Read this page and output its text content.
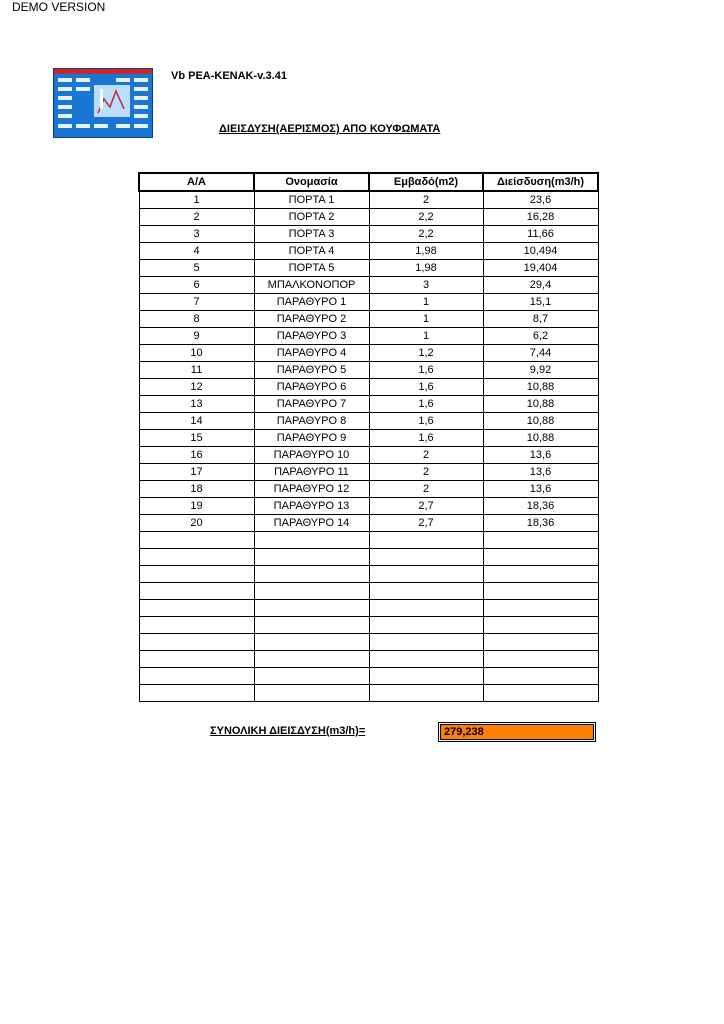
DEMO VERSION
Vb PEA-KENAK-v.3.41
ΔΙΕΙΣΔΥΣΗ(ΑΕΡΙΣΜΟΣ) ΑΠΟ ΚΟΥΦΩΜΑΤΑ
Α/Α	Ονομασία	Εμβαδό(m2)	Διείσδυση(m3/h)
1	ΠΟΡΤΑ 1	2	23,6
2	ΠΟΡΤΑ 2	2,2	16,28
3	ΠΟΡΤΑ 3	2,2	11,66
4	ΠΟΡΤΑ 4	1,98	10,494
5	ΠΟΡΤΑ 5	1,98	19,404
6	ΜΠΑΛΚΟΝΟΠΟΡ	3	29,4
7	ΠΑΡΑΘΥΡΟ 1	1	15,1
8	ΠΑΡΑΘΥΡΟ 2	1	8,7
9	ΠΑΡΑΘΥΡΟ 3	1	6,2
10	ΠΑΡΑΘΥΡΟ 4	1,2	7,44
11	ΠΑΡΑΘΥΡΟ 5	1,6	9,92
12	ΠΑΡΑΘΥΡΟ 6	1,6	10,88
13	ΠΑΡΑΘΥΡΟ 7	1,6	10,88
14	ΠΑΡΑΘΥΡΟ 8	1,6	10,88
15	ΠΑΡΑΘΥΡΟ 9	1,6	10,88
16	ΠΑΡΑΘΥΡΟ 10	2	13,6
17	ΠΑΡΑΘΥΡΟ 11	2	13,6
18	ΠΑΡΑΘΥΡΟ 12	2	13,6
19	ΠΑΡΑΘΥΡΟ 13	2,7	18,36
20	ΠΑΡΑΘΥΡΟ 14	2,7	18,36

ΣΥΝΟΛΙΚΗ ΔΙΕΙΣΔΥΣΗ(m3/h)=	279,238
